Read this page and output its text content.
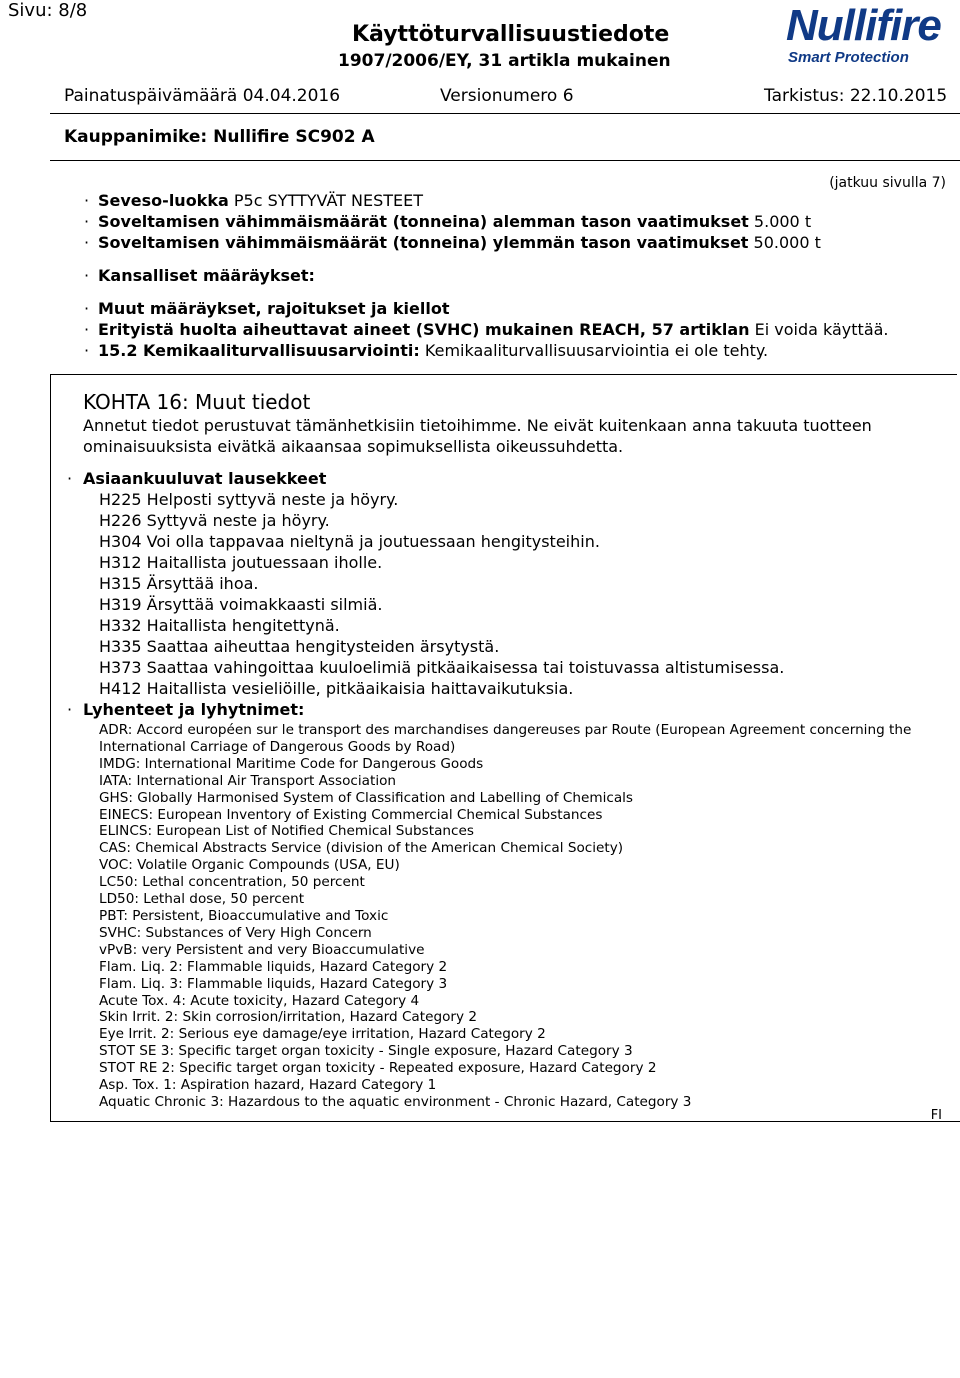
Sivu: 8/8
Käyttöturvallisuustiedote
1907/2006/EY, 31 artikla mukainen
Nullifire
Smart Protection
Painatuspäivämäärä 04.04.2016	Versionumero 6	Tarkistus: 22.10.2015
Kauppanimike: Nullifire SC902 A
(jatkuu sivulla 7)
· Seveso-luokka P5c SYTTYVÄT NESTEET
· Soveltamisen vähimmäismäärät (tonneina) alemman tason vaatimukset 5.000 t
· Soveltamisen vähimmäismäärät (tonneina) ylemmän tason vaatimukset 50.000 t
· Kansalliset määräykset:
· Muut määräykset, rajoitukset ja kiellot
· Erityistä huolta aiheuttavat aineet (SVHC) mukainen REACH, 57 artiklan Ei voida käyttää.
· 15.2 Kemikaaliturvallisuusarviointi: Kemikaaliturvallisuusarviointia ei ole tehty.
KOHTA 16: Muut tiedot
Annetut tiedot perustuvat tämänhetkisiin tietoihimme. Ne eivät kuitenkaan anna takuuta tuotteen ominaisuuksista eivätkä aikaansaa sopimuksellista oikeussuhdetta.
· Asiaankuuluvat lausekkeet
H225 Helposti syttyvä neste ja höyry.
H226 Syttyvä neste ja höyry.
H304 Voi olla tappavaa nieltynä ja joutuessaan hengitysteihin.
H312 Haitallista joutuessaan iholle.
H315 Ärsyttää ihoa.
H319 Ärsyttää voimakkaasti silmiä.
H332 Haitallista hengitettynä.
H335 Saattaa aiheuttaa hengitysteiden ärsytystä.
H373 Saattaa vahingoittaa kuuloelimiä pitkäaikaisessa tai toistuvassa altistumisessa.
H412 Haitallista vesieliöille, pitkäaikaisia haittavaikutuksia.
· Lyhenteet ja lyhytnimet:
ADR: Accord européen sur le transport des marchandises dangereuses par Route (European Agreement concerning the International Carriage of Dangerous Goods by Road)
IMDG: International Maritime Code for Dangerous Goods
IATA: International Air Transport Association
GHS: Globally Harmonised System of Classification and Labelling of Chemicals
EINECS: European Inventory of Existing Commercial Chemical Substances
ELINCS: European List of Notified Chemical Substances
CAS: Chemical Abstracts Service (division of the American Chemical Society)
VOC: Volatile Organic Compounds (USA, EU)
LC50: Lethal concentration, 50 percent
LD50: Lethal dose, 50 percent
PBT: Persistent, Bioaccumulative and Toxic
SVHC: Substances of Very High Concern
vPvB: very Persistent and very Bioaccumulative
Flam. Liq. 2: Flammable liquids, Hazard Category 2
Flam. Liq. 3: Flammable liquids, Hazard Category 3
Acute Tox. 4: Acute toxicity, Hazard Category 4
Skin Irrit. 2: Skin corrosion/irritation, Hazard Category 2
Eye Irrit. 2: Serious eye damage/eye irritation, Hazard Category 2
STOT SE 3: Specific target organ toxicity - Single exposure, Hazard Category 3
STOT RE 2: Specific target organ toxicity - Repeated exposure, Hazard Category 2
Asp. Tox. 1: Aspiration hazard, Hazard Category 1
Aquatic Chronic 3: Hazardous to the aquatic environment - Chronic Hazard, Category 3
FI
